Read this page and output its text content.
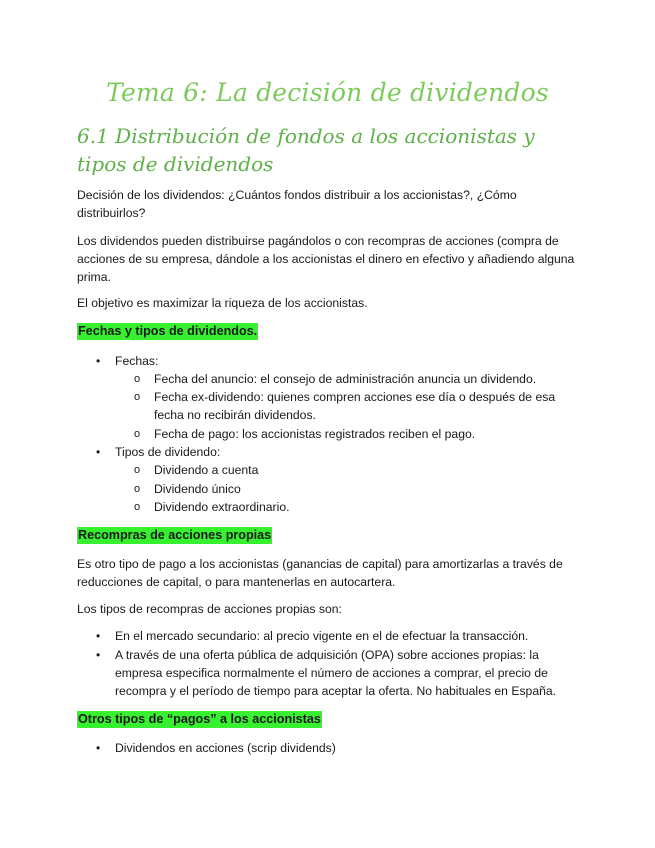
Tema 6: La decisión de dividendos
6.1 Distribución de fondos a los accionistas y tipos de dividendos
Decisión de los dividendos: ¿Cuántos fondos distribuir a los accionistas?, ¿Cómo distribuirlos?
Los dividendos pueden distribuirse pagándolos o con recompras de acciones (compra de acciones de su empresa, dándole a los accionistas el dinero en efectivo y añadiendo alguna prima.
El objetivo es maximizar la riqueza de los accionistas.
Fechas y tipos de dividendos.
• Fechas:
o Fecha del anuncio: el consejo de administración anuncia un dividendo.
o Fecha ex-dividendo: quienes compren acciones ese día o después de esa fecha no recibirán dividendos.
o Fecha de pago: los accionistas registrados reciben el pago.
• Tipos de dividendo:
o Dividendo a cuenta
o Dividendo único
o Dividendo extraordinario.
Recompras de acciones propias
Es otro tipo de pago a los accionistas (ganancias de capital) para amortizarlas a través de reducciones de capital, o para mantenerlas en autocartera.
Los tipos de recompras de acciones propias son:
• En el mercado secundario: al precio vigente en el de efectuar la transacción.
• A través de una oferta pública de adquisición (OPA) sobre acciones propias: la empresa especifica normalmente el número de acciones a comprar, el precio de recompra y el período de tiempo para aceptar la oferta. No habituales en España.
Otros tipos de “pagos” a los accionistas
• Dividendos en acciones (scrip dividends)
